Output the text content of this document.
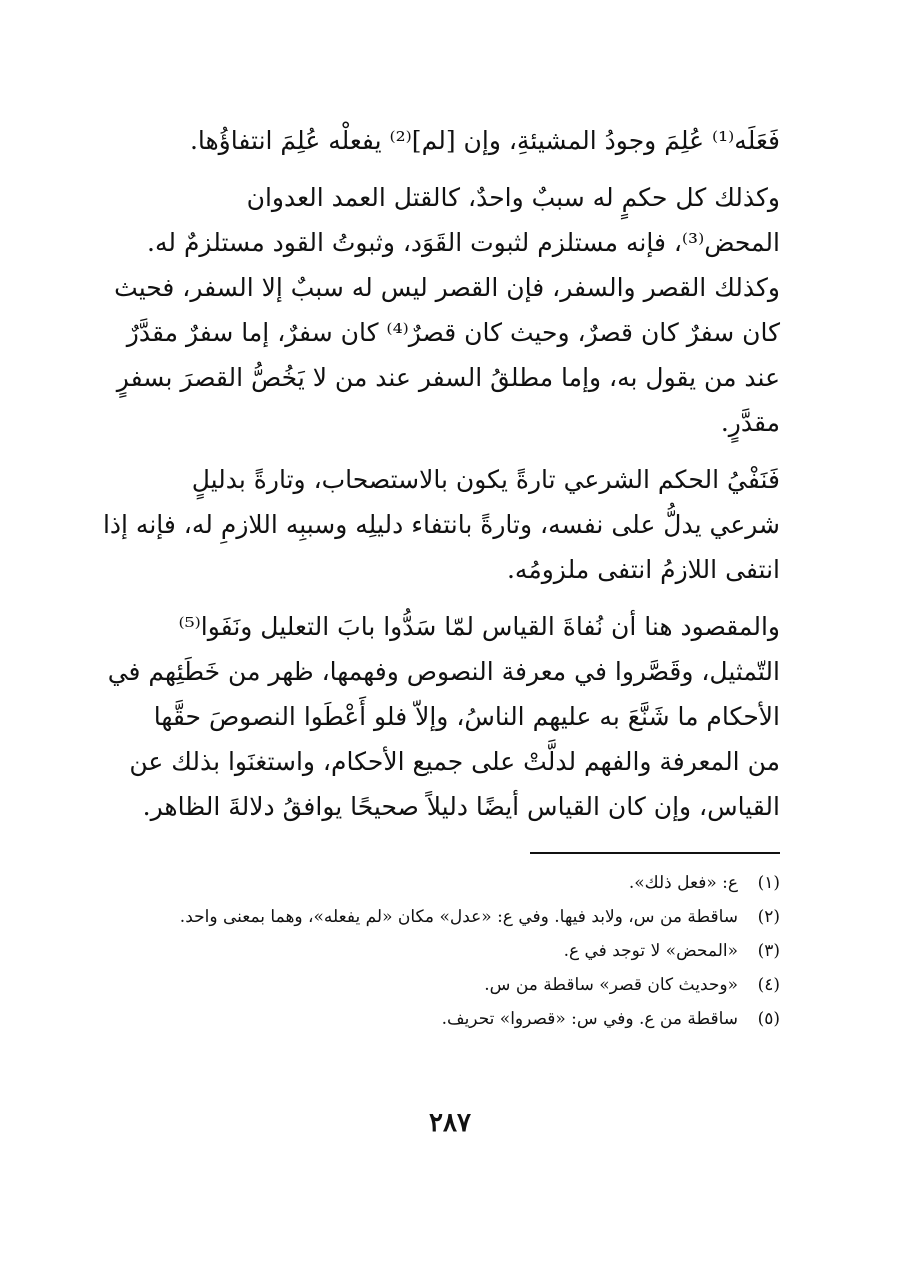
فَعَلَه⁽¹⁾ عُلِمَ وجودُ المشيئةِ، وإن [لم]⁽²⁾ يفعلْه عُلِمَ انتفاؤُها.

وكذلك كل حكمٍ له سببٌ واحدٌ، كالقتل العمد العدوان
المحض⁽³⁾، فإنه مستلزم لثبوت القَوَد، وثبوتُ القود مستلزمٌ له.
وكذلك القصر والسفر، فإن القصر ليس له سببٌ إلا السفر، فحيث
كان سفرٌ كان قصرٌ، وحيث كان قصرٌ⁽⁴⁾ كان سفرٌ، إما سفرٌ مقدَّرٌ
عند من يقول به، وإما مطلقُ السفر عند من لا يَخُصُّ القصرَ بسفرٍ
مقدَّرٍ.

فَنَفْيُ الحكم الشرعي تارةً يكون بالاستصحاب، وتارةً بدليلٍ
شرعي يدلُّ على نفسه، وتارةً بانتفاء دليلِه وسببِه اللازمِ له، فإنه إذا
انتفى اللازمُ انتفى ملزومُه.

والمقصود هنا أن نُفاةَ القياس لمّا سَدُّوا بابَ التعليل ونَفَوا⁽⁵⁾
التّمثيل، وقَصَّروا في معرفة النصوص وفهمها، ظهر من خَطَئِهم في
الأحكام ما شَنَّعَ به عليهم الناسُ، وإلاّ فلو أَعْطَوا النصوصَ حقَّها
من المعرفة والفهم لدلَّتْ على جميع الأحكام، واستغنَوا بذلك عن
القياس، وإن كان القياس أيضًا دليلاً صحيحًا يوافقُ دلالةَ الظاهر.

(١)
ع: «فعل ذلك».
(٢)
ساقطة من س، ولابد فيها. وفي ع: «عدل» مكان «لم يفعله»، وهما بمعنى واحد.
(٣)
«المحض» لا توجد في ع.
(٤)
«وحديث كان قصر» ساقطة من س.
(٥)
ساقطة من ع. وفي س: «قصروا» تحريف.
٢٨٧
